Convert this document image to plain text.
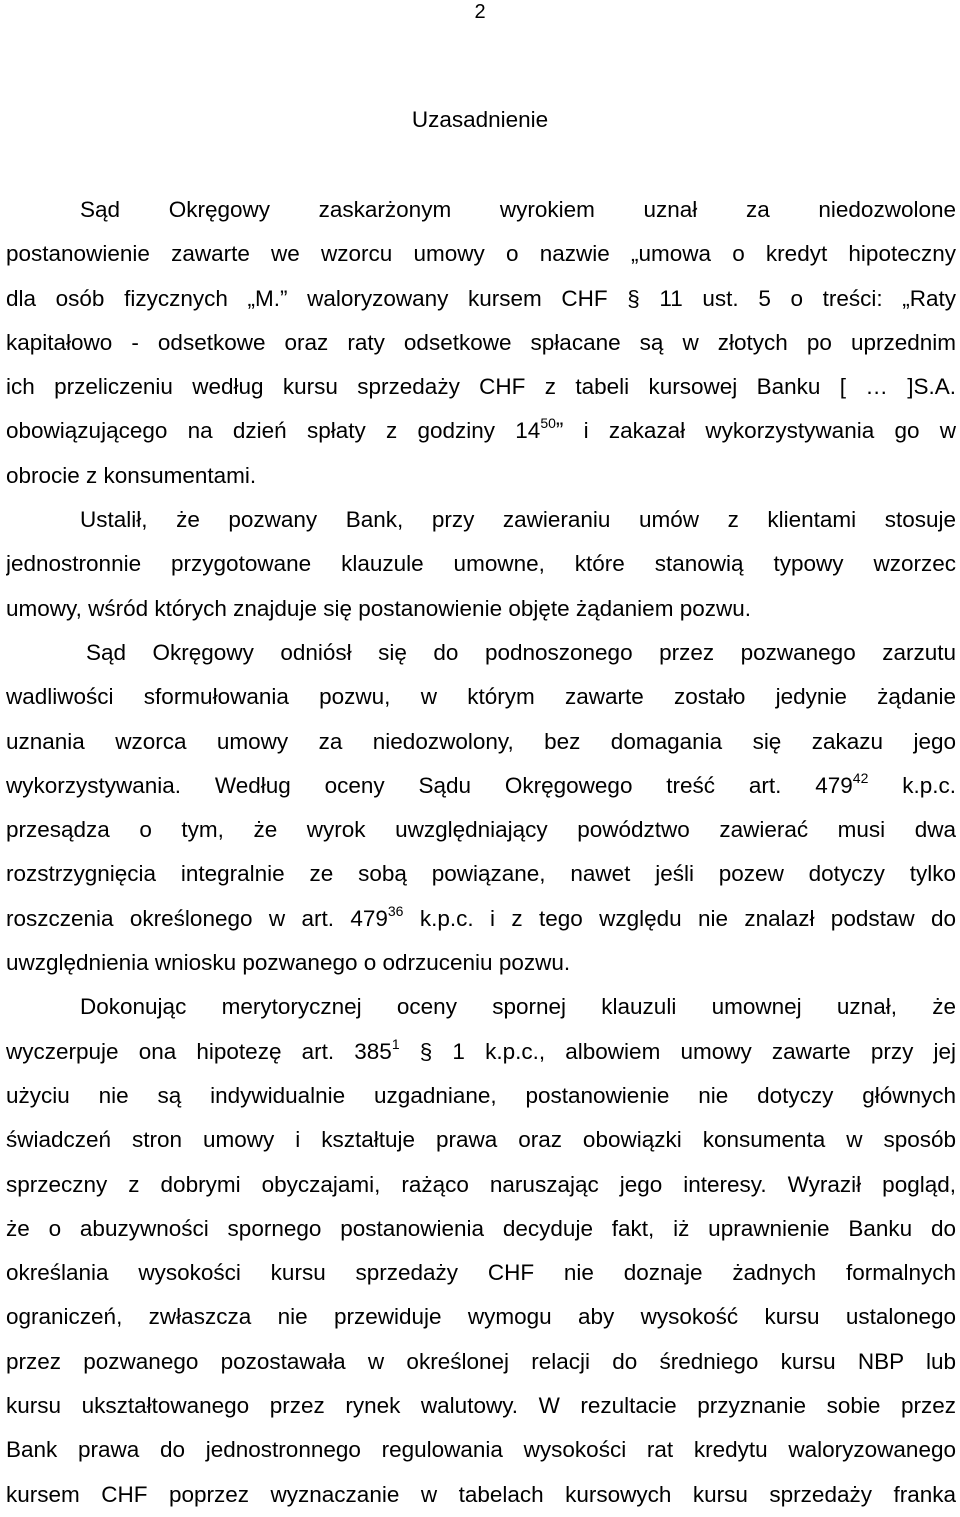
2
Uzasadnienie
Sąd Okręgowy zaskarżonym wyrokiem uznał za niedozwolone
postanowienie zawarte we wzorcu umowy o nazwie „umowa o kredyt hipoteczny
dla osób fizycznych „M.” waloryzowany kursem CHF § 11 ust. 5 o treści: „Raty
kapitałowo - odsetkowe oraz raty odsetkowe spłacane są w złotych po uprzednim
ich przeliczeniu według kursu sprzedaży CHF z tabeli kursowej Banku [ … ]S.A.
obowiązującego na dzień spłaty z godziny $14^{50}$” i zakazał wykorzystywania go w
obrocie z konsumentami.
Ustalił, że pozwany Bank, przy zawieraniu umów z klientami stosuje
jednostronnie przygotowane klauzule umowne, które stanowią typowy wzorzec
umowy, wśród których znajduje się postanowienie objęte żądaniem pozwu.
Sąd Okręgowy odniósł się do podnoszonego przez pozwanego zarzutu
wadliwości sformułowania pozwu, w którym zawarte zostało jedynie żądanie
uznania wzorca umowy za niedozwolony, bez domagania się zakazu jego
wykorzystywania. Według oceny Sądu Okręgowego treść art. $479^{42}$ k.p.c.
przesądza o tym, że wyrok uwzględniający powództwo zawierać musi dwa
rozstrzygnięcia integralnie ze sobą powiązane, nawet jeśli pozew dotyczy tylko
roszczenia określonego w art. $479^{36}$ k.p.c. i z tego względu nie znalazł podstaw do
uwzględnienia wniosku pozwanego o odrzuceniu pozwu.
Dokonując merytorycznej oceny spornej klauzuli umownej uznał, że
wyczerpuje ona hipotezę art. $385^1$ § 1 k.p.c., albowiem umowy zawarte przy jej
użyciu nie są indywidualnie uzgadniane, postanowienie nie dotyczy głównych
świadczeń stron umowy i kształtuje prawa oraz obowiązki konsumenta w sposób
sprzeczny z dobrymi obyczajami, rażąco naruszając jego interesy. Wyraził pogląd,
że o abuzywności spornego postanowienia decyduje fakt, iż uprawnienie Banku do
określania wysokości kursu sprzedaży CHF nie doznaje żadnych formalnych
ograniczeń, zwłaszcza nie przewiduje wymogu aby wysokość kursu ustalonego
przez pozwanego pozostawała w określonej relacji do średniego kursu NBP lub
kursu ukształtowanego przez rynek walutowy. W rezultacie przyznanie sobie przez
Bank prawa do jednostronnego regulowania wysokości rat kredytu waloryzowanego
kursem CHF poprzez wyznaczanie w tabelach kursowych kursu sprzedaży franka
